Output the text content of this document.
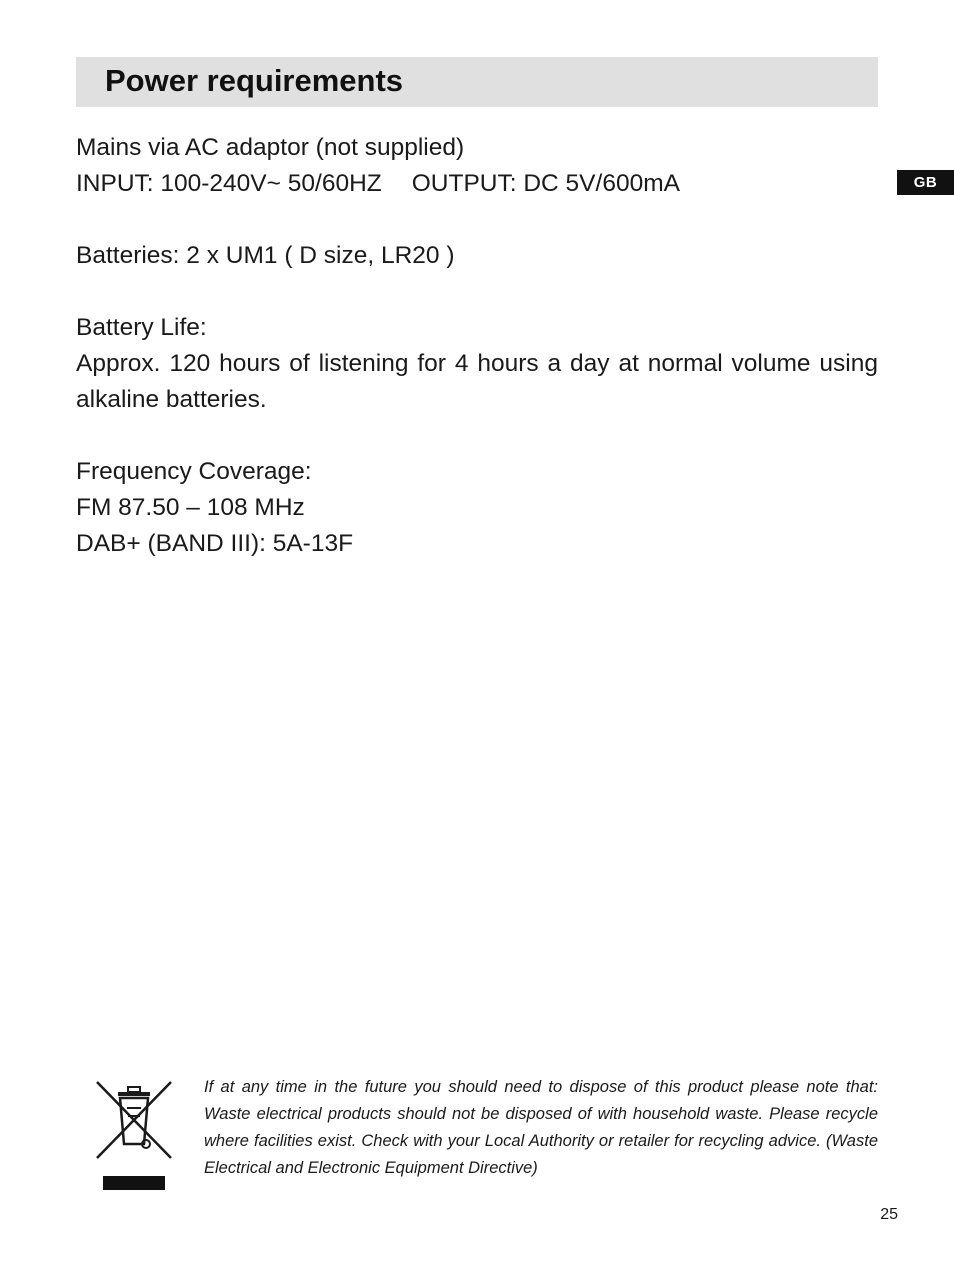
Power requirements
GB
Mains via AC adaptor (not supplied)
INPUT: 100-240V~ 50/60HZ OUTPUT: DC 5V/600mA
Batteries: 2 x UM1 ( D size, LR20 )
Battery Life:
Approx. 120 hours of listening for 4 hours a day at normal volume using alkaline batteries.
Frequency Coverage:
FM 87.50 – 108 MHz
DAB+ (BAND III): 5A-13F

If at any time in the future you should need to dispose of this product please note that: Waste electrical products should not be disposed of with household waste. Please recycle where facilities exist. Check with your Local Authority or retailer for recycling advice. (Waste Electrical and Electronic Equipment Directive)

25
